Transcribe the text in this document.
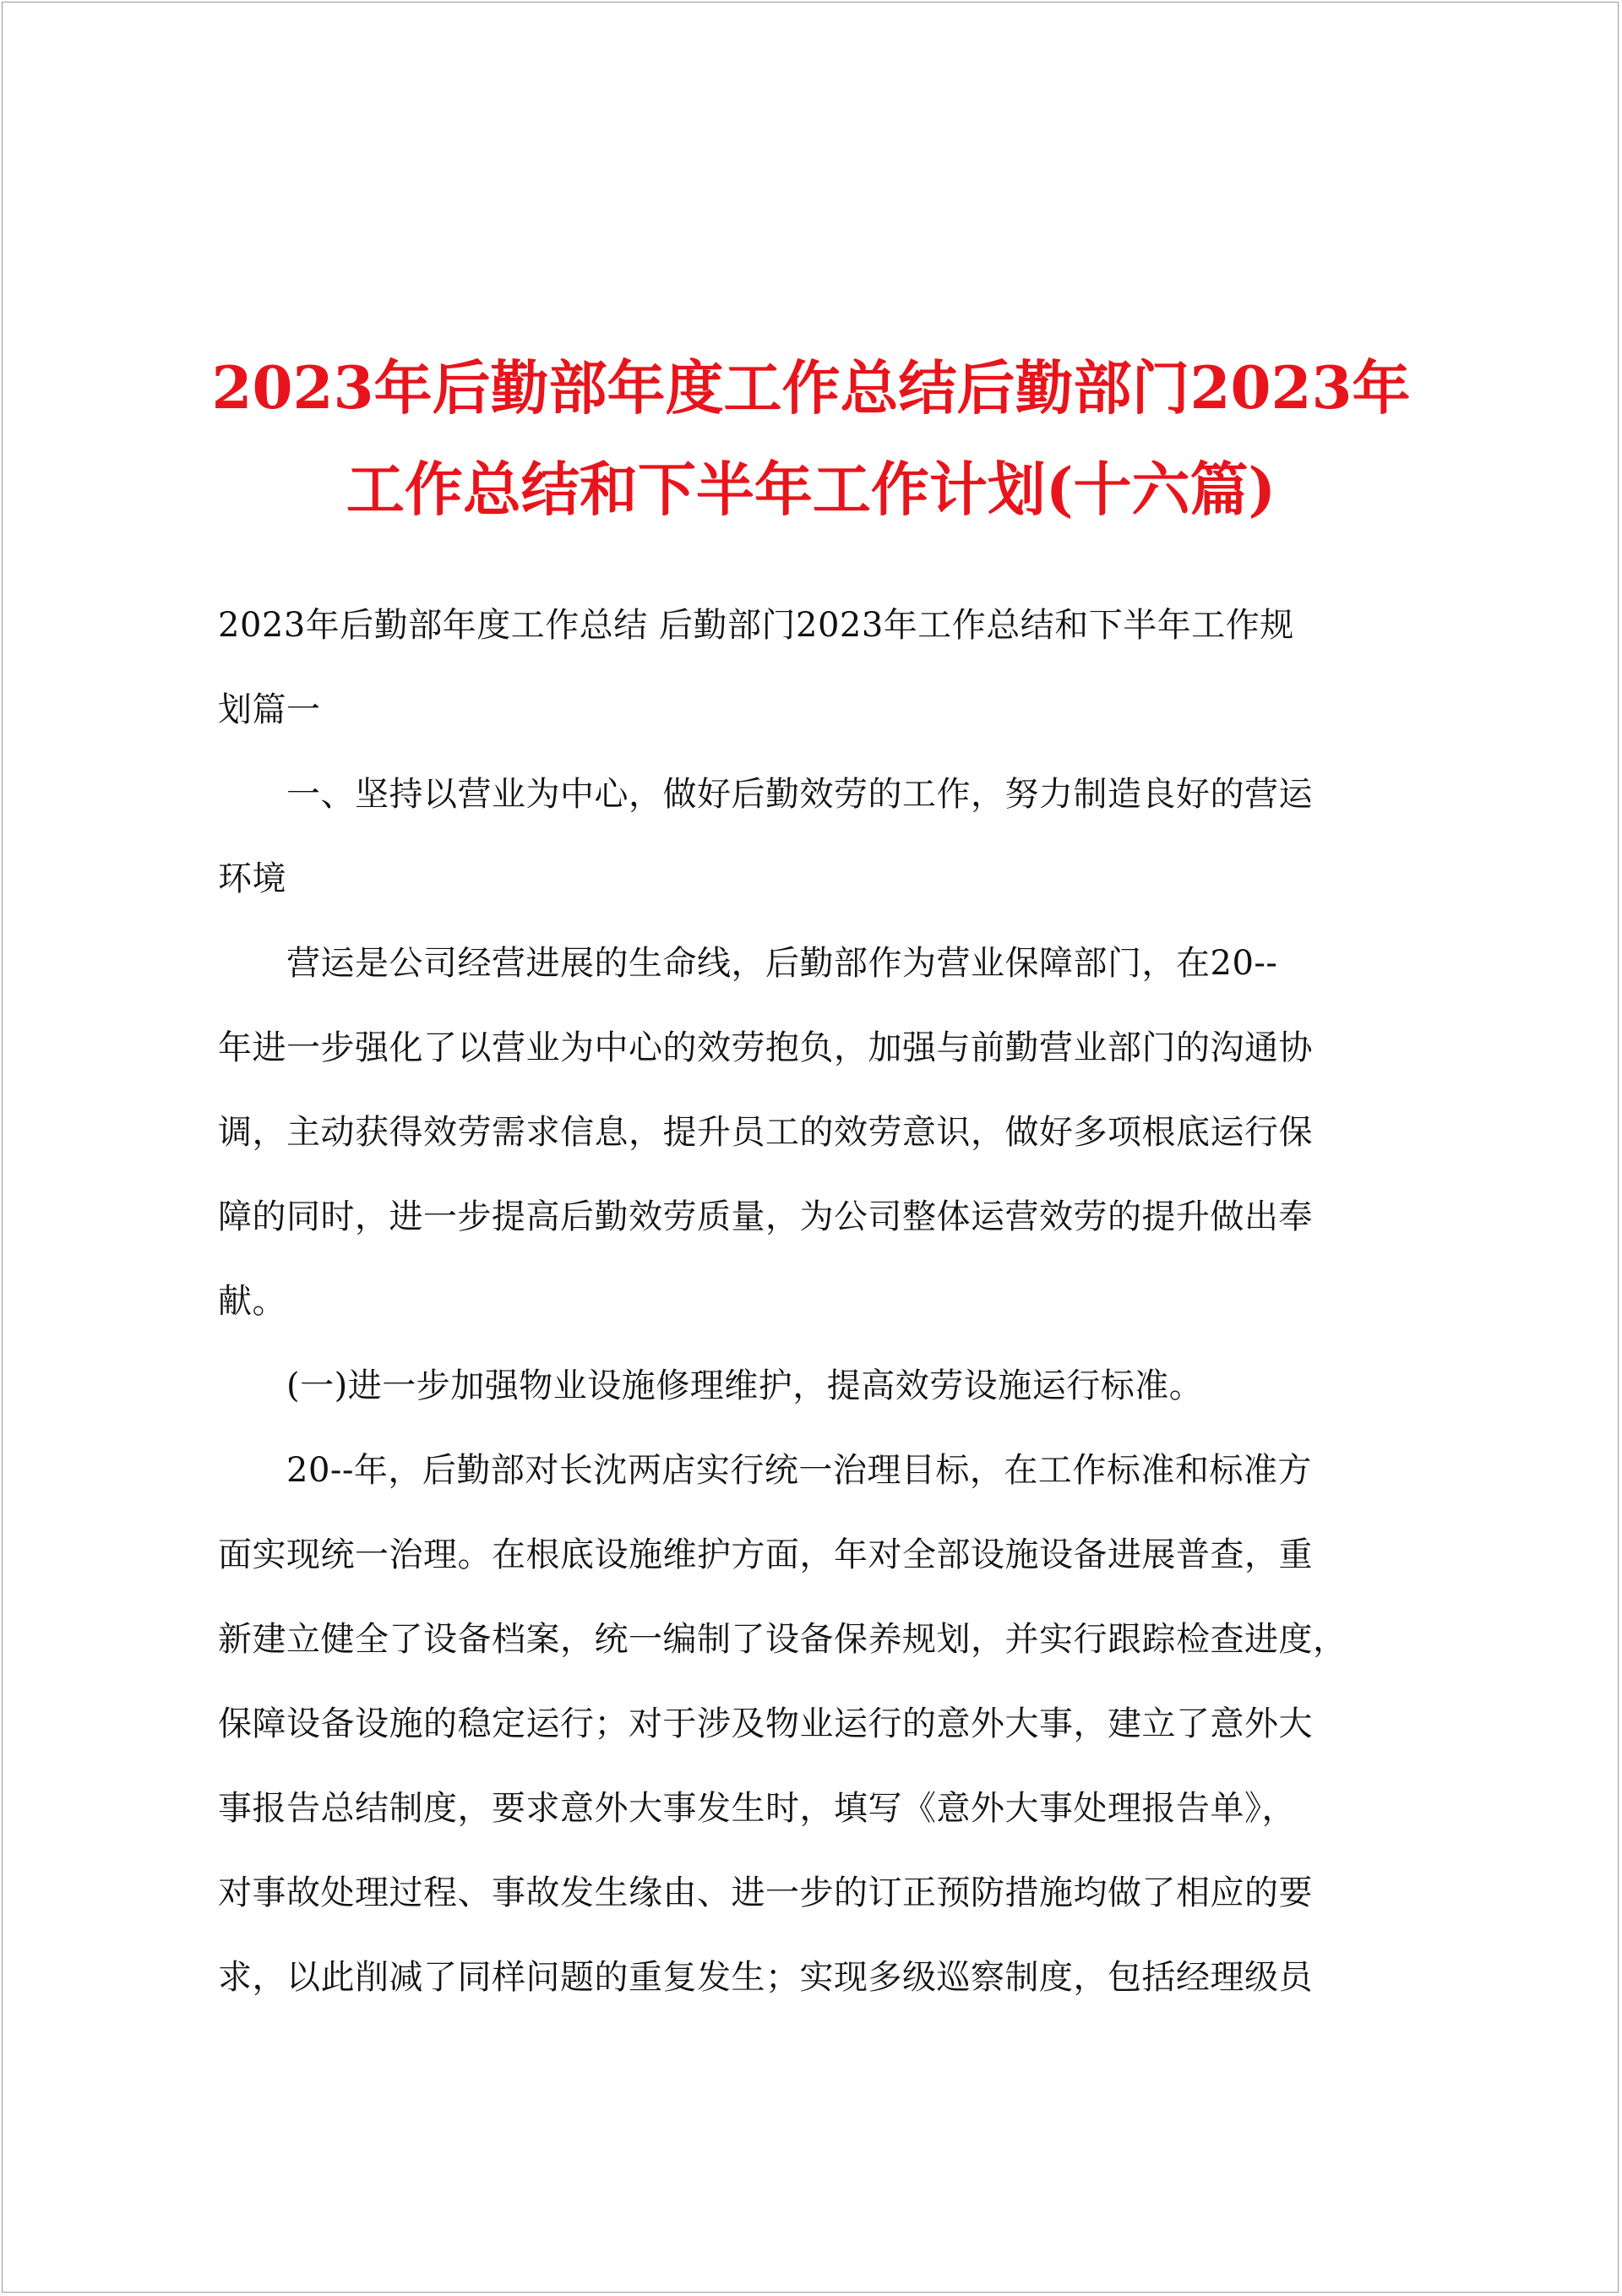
2023年后勤部年度工作总结后勤部门2023年
工作总结和下半年工作计划(十六篇)
2023年后勤部年度工作总结 后勤部门2023年工作总结和下半年工作规
划篇一
　　一、坚持以营业为中心，做好后勤效劳的工作，努力制造良好的营运
环境
　　营运是公司经营进展的生命线，后勤部作为营业保障部门，在20--
年进一步强化了以营业为中心的效劳抱负，加强与前勤营业部门的沟通协
调，主动获得效劳需求信息，提升员工的效劳意识，做好多项根底运行保
障的同时，进一步提高后勤效劳质量，为公司整体运营效劳的提升做出奉
献。
　　(一)进一步加强物业设施修理维护，提高效劳设施运行标准。
　　20--年，后勤部对长沈两店实行统一治理目标，在工作标准和标准方
面实现统一治理。在根底设施维护方面，年对全部设施设备进展普查，重
新建立健全了设备档案，统一编制了设备保养规划，并实行跟踪检查进度，
保障设备设施的稳定运行；对于涉及物业运行的意外大事，建立了意外大
事报告总结制度，要求意外大事发生时，填写《意外大事处理报告单》，
对事故处理过程、事故发生缘由、进一步的订正预防措施均做了相应的要
求，以此削减了同样问题的重复发生；实现多级巡察制度，包括经理级员
